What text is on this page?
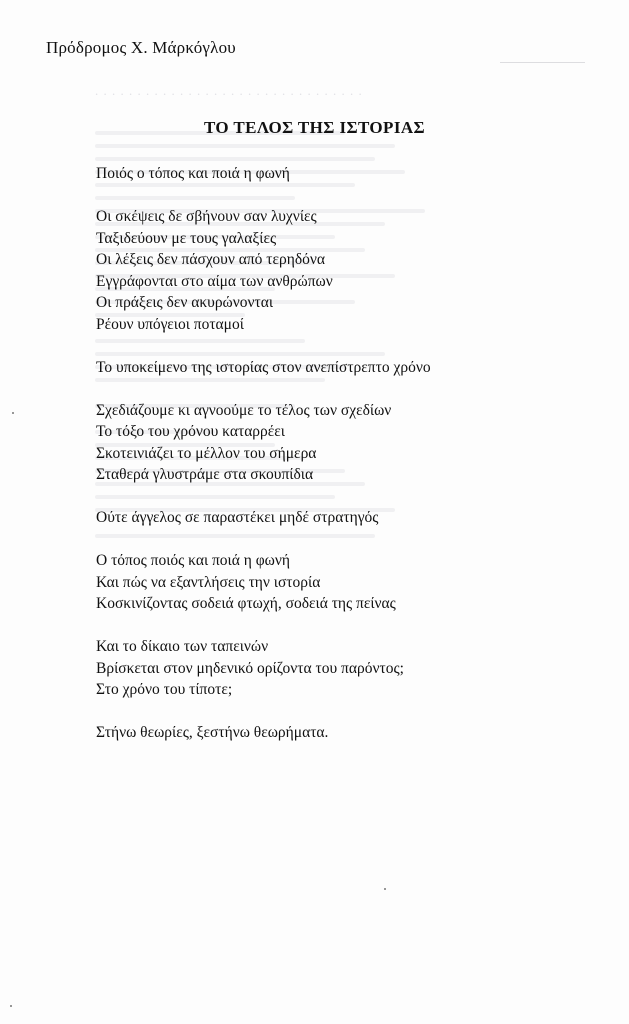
. . . . . . . . . . . . . . . . . . . . . . . . . . . . . . . .
Πρόδρομος Χ. Μάρκόγλου
ΤΟ ΤΕΛΟΣ ΤΗΣ ΙΣΤΟΡΙΑΣ
Ποιός ο τόπος και ποιά η φωνή
Οι σκέψεις δε σβήνουν σαν λυχνίες
Ταξιδεύουν με τους γαλαξίες
Οι λέξεις δεν πάσχουν από τερηδόνα
Εγγράφονται στο αίμα των ανθρώπων
Οι πράξεις δεν ακυρώνονται
Ρέουν υπόγειοι ποταμοί
Το υποκείμενο της ιστορίας στον ανεπίστρεπτο χρόνο
Σχεδιάζουμε κι αγνοούμε το τέλος των σχεδίων
Το τόξο του χρόνου καταρρέει
Σκοτεινιάζει το μέλλον του σήμερα
Σταθερά γλυστράμε στα σκουπίδια
Ούτε άγγελος σε παραστέκει μηδέ στρατηγός
Ο τόπος ποιός και ποιά η φωνή
Και πώς να εξαντλήσεις την ιστορία
Κοσκινίζοντας σοδειά φτωχή, σοδειά της πείνας
Και το δίκαιο των ταπεινών
Βρίσκεται στον μηδενικό ορίζοντα του παρόντος;
Στο χρόνο του τίποτε;
Στήνω θεωρίες, ξεστήνω θεωρήματα.
